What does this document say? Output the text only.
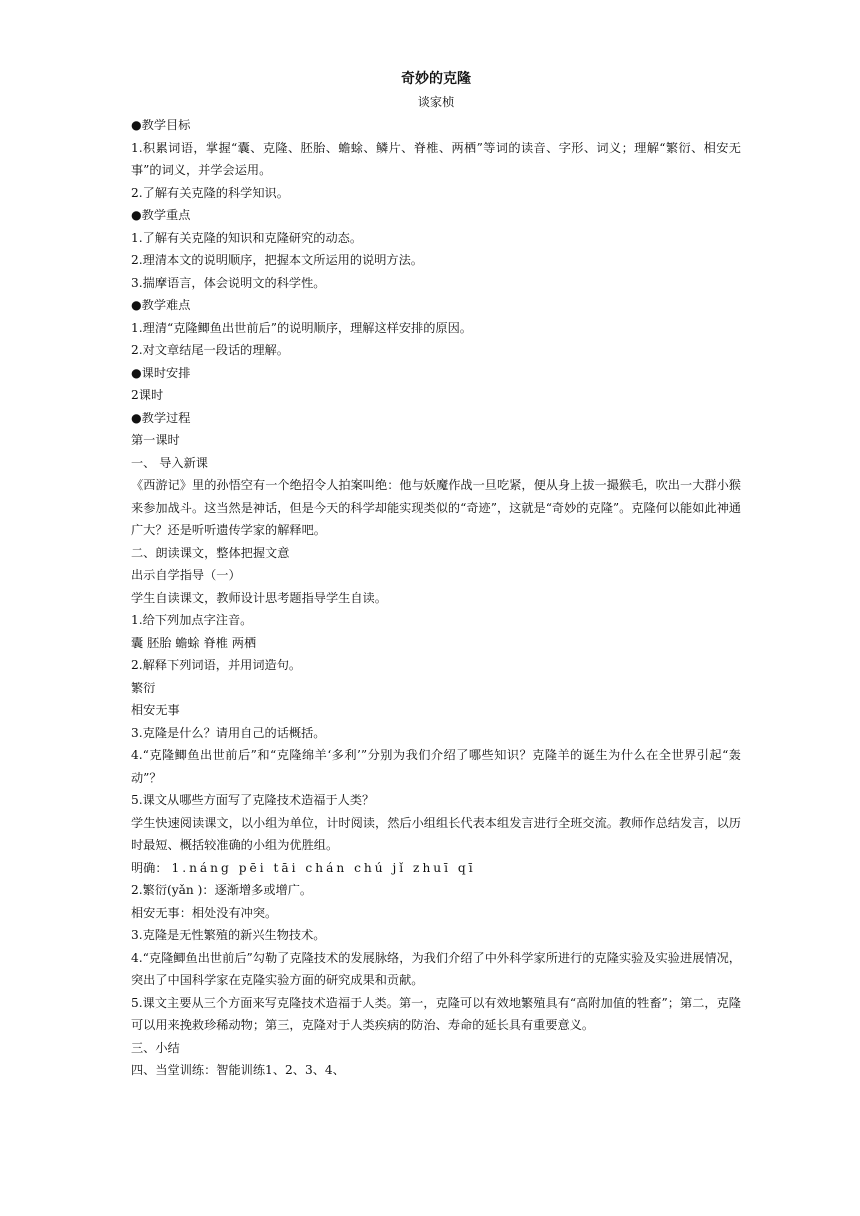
奇妙的克隆
谈家桢

●教学目标

1.积累词语，掌握“囊、克隆、胚胎、蟾蜍、鳞片、脊椎、两栖”等词的读音、字形、词义；理解“繁衍、相安无事”的词义，并学会运用。

2.了解有关克隆的科学知识。

●教学重点

1.了解有关克隆的知识和克隆研究的动态。

2.理清本文的说明顺序，把握本文所运用的说明方法。

3.揣摩语言，体会说明文的科学性。

●教学难点

1.理清“克隆鲫鱼出世前后”的说明顺序，理解这样安排的原因。

2.对文章结尾一段话的理解。

●课时安排

2课时

●教学过程

第一课时

一、 导入新课

《西游记》里的孙悟空有一个绝招令人拍案叫绝：他与妖魔作战一旦吃紧，便从身上拔一撮猴毛，吹出一大群小猴来参加战斗。这当然是神话，但是今天的科学却能实现类似的“奇迹”，这就是“奇妙的克隆”。克隆何以能如此神通广大？还是听听遗传学家的解释吧。

二、朗读课文，整体把握文意

出示自学指导（一）

学生自读课文，教师设计思考题指导学生自读。

1.给下列加点字注音。

囊 胚胎 蟾蜍 脊椎 两栖

2.解释下列词语，并用词造句。

繁衍

相安无事

3.克隆是什么？请用自己的话概括。

4.“克隆鲫鱼出世前后”和“克隆绵羊‘多利’”分别为我们介绍了哪些知识？克隆羊的诞生为什么在全世界引起“轰动”？

5.课文从哪些方面写了克隆技术造福于人类？

学生快速阅读课文，以小组为单位，计时阅读，然后小组组长代表本组发言进行全班交流。教师作总结发言，以历时最短、概括较准确的小组为优胜组。

明确： 1.náng pēi tāi chán chú jǐ zhuī qī

2.繁衍(yǎn )：逐渐增多或增广。

相安无事：相处没有冲突。

3.克隆是无性繁殖的新兴生物技术。

4.“克隆鲫鱼出世前后”勾勒了克隆技术的发展脉络，为我们介绍了中外科学家所进行的克隆实验及实验进展情况，突出了中国科学家在克隆实验方面的研究成果和贡献。

5.课文主要从三个方面来写克隆技术造福于人类。第一，克隆可以有效地繁殖具有“高附加值的牲畜”；第二，克隆可以用来挽救珍稀动物；第三，克隆对于人类疾病的防治、寿命的延长具有重要意义。

三、小结

四、当堂训练：智能训练1、2、3、4、
